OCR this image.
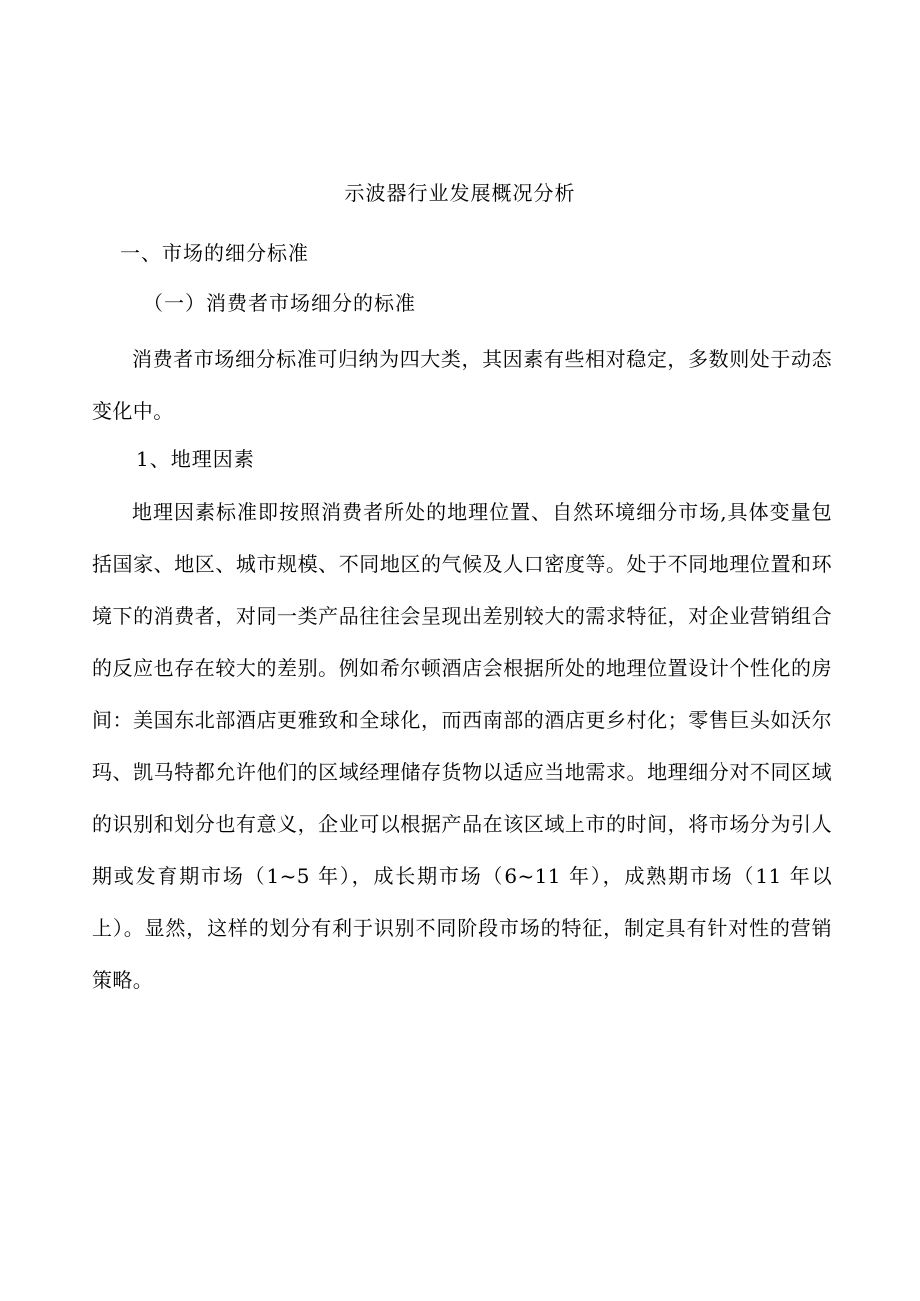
示波器行业发展概况分析
一、市场的细分标准
（一）消费者市场细分的标准

消费者市场细分标准可归纳为四大类，其因素有些相对稳定，多数则处于动态变化中。

1、地理因素

地理因素标准即按照消费者所处的地理位置、自然环境细分市场,具体变量包括国家、地区、城市规模、不同地区的气候及人口密度等。处于不同地理位置和环境下的消费者，对同一类产品往往会呈现出差别较大的需求特征，对企业营销组合的反应也存在较大的差别。例如希尔顿酒店会根据所处的地理位置设计个性化的房间：美国东北部酒店更雅致和全球化，而西南部的酒店更乡村化；零售巨头如沃尔玛、凯马特都允许他们的区域经理储存货物以适应当地需求。地理细分对不同区域的识别和划分也有意义，企业可以根据产品在该区域上市的时间，将市场分为引人期或发育期市场（1~5 年），成长期市场（6~11 年），成熟期市场（11 年以上）。显然，这样的划分有利于识别不同阶段市场的特征，制定具有针对性的营销策略。
